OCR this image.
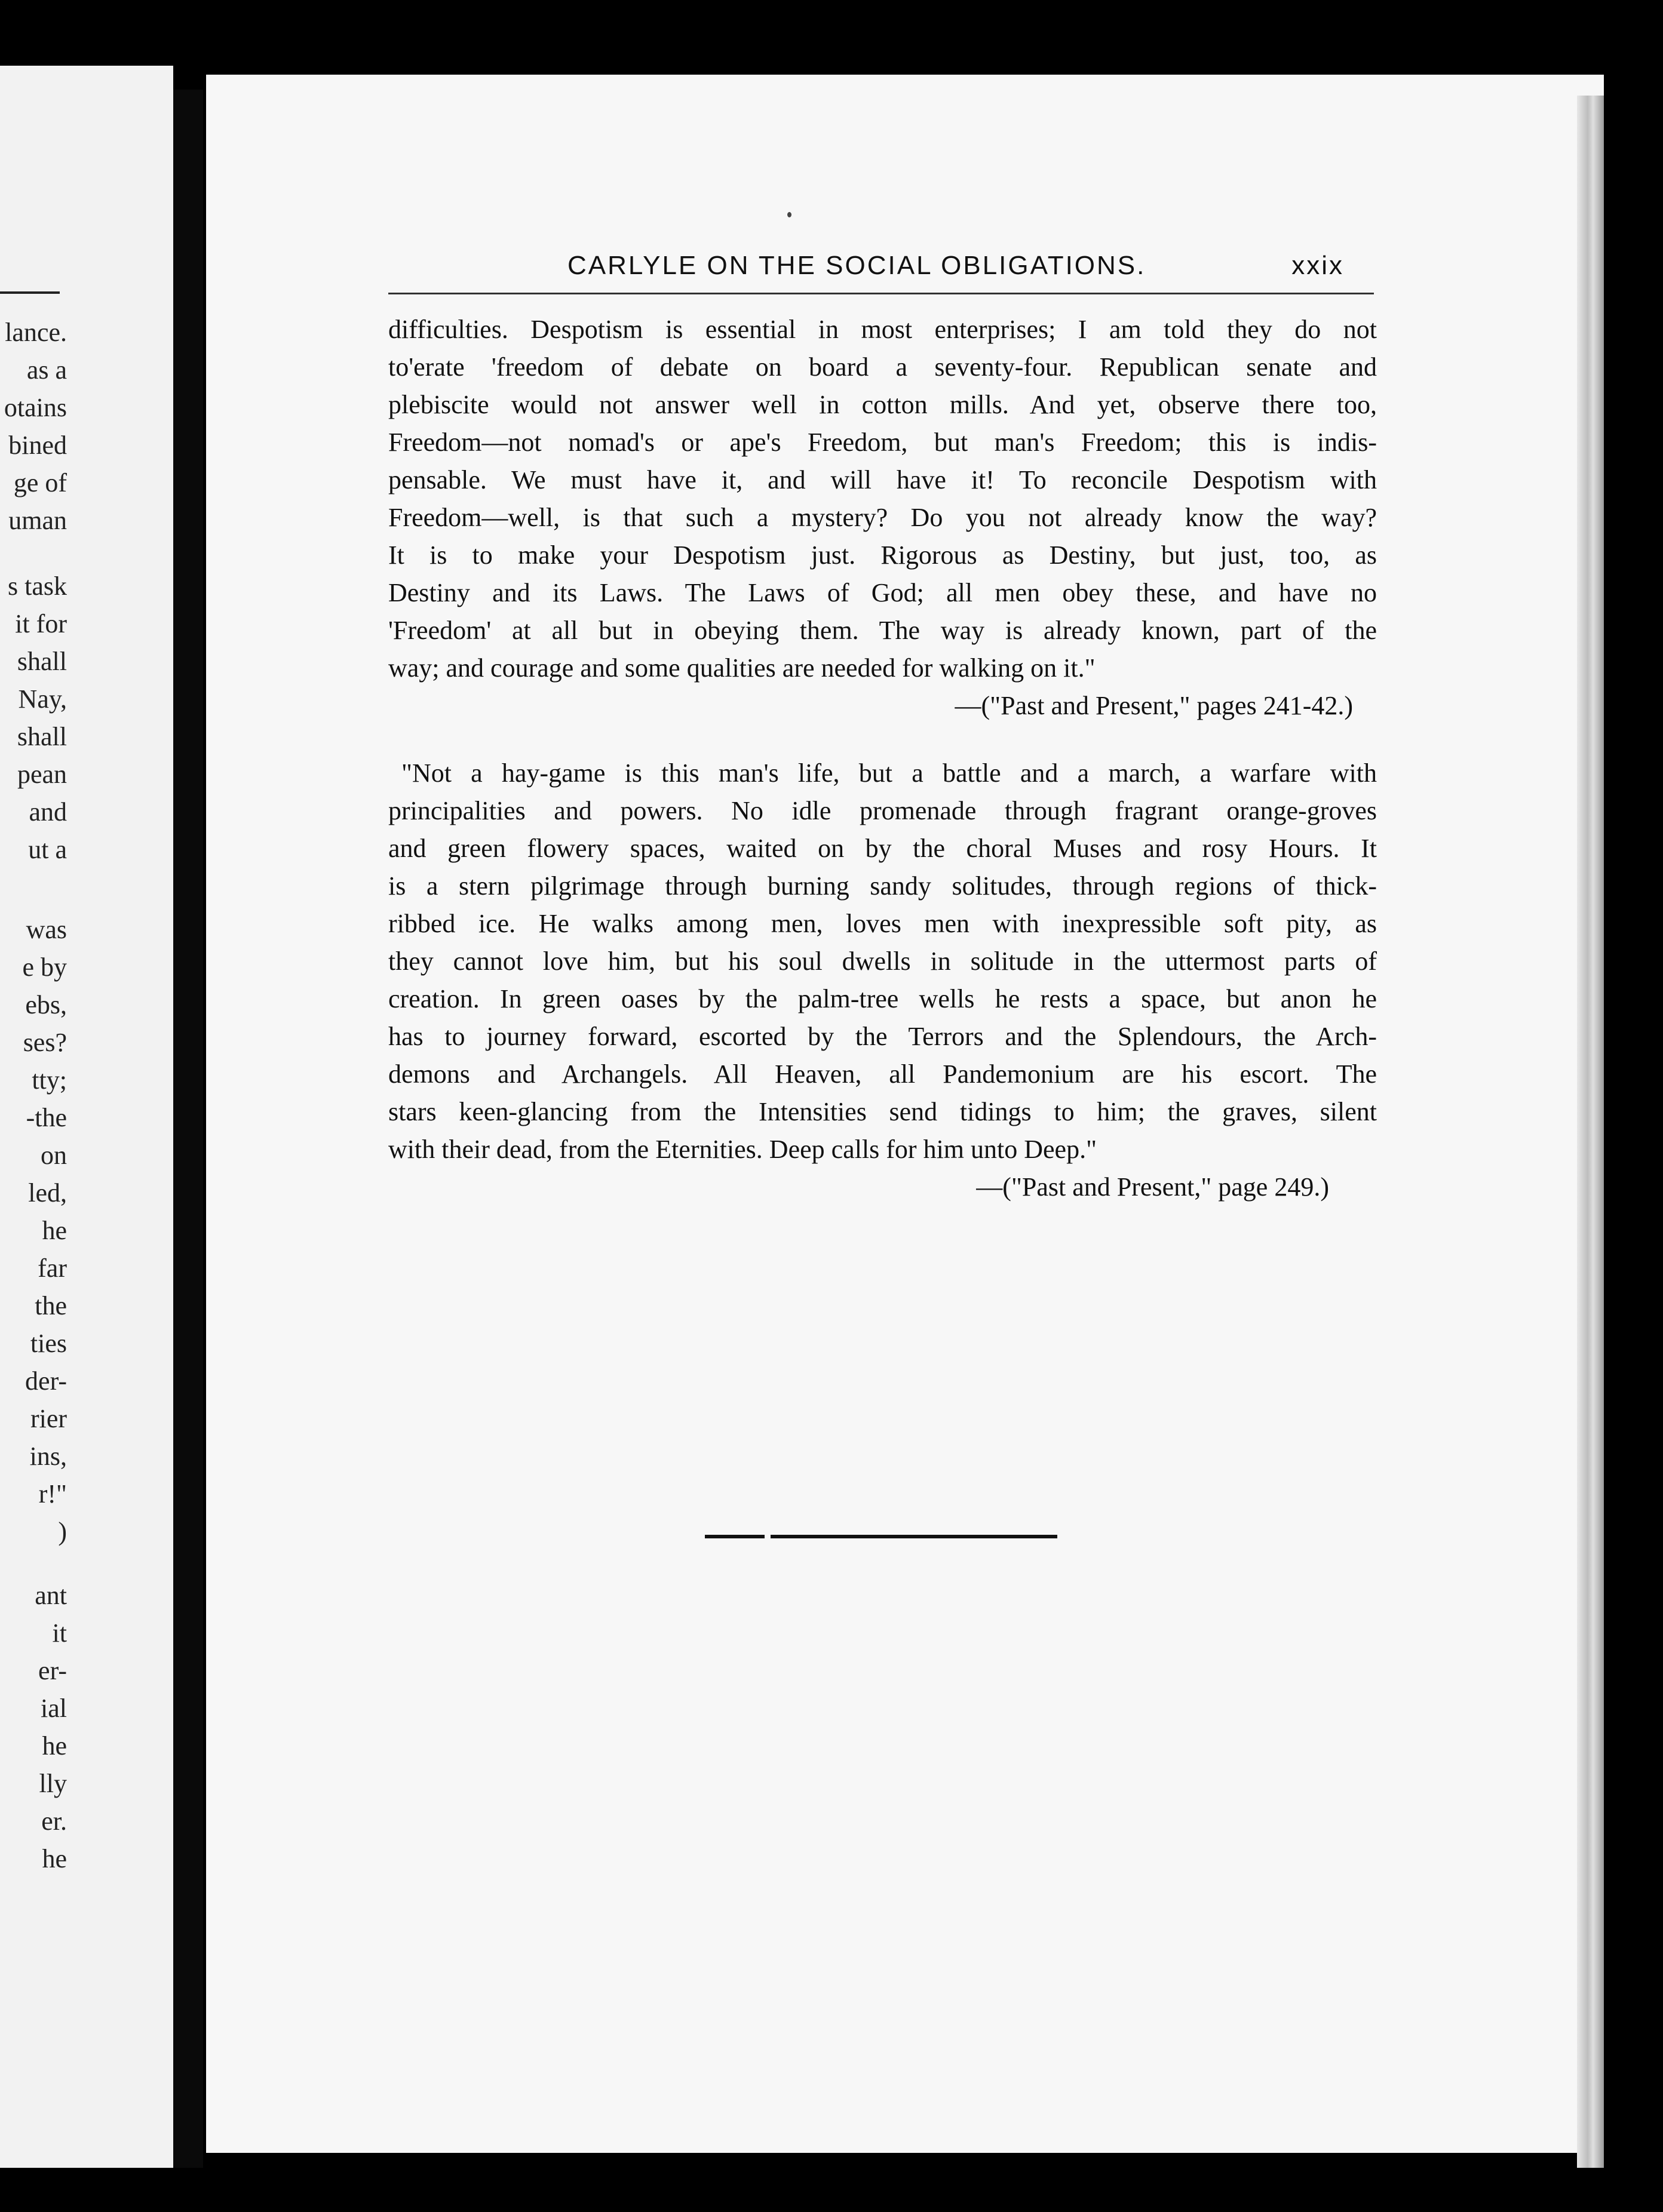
lance.
as a
otains
bined
ge of
uman
s task
it for
shall
Nay,
shall
pean
and
ut a
was
e by
ebs,
ses?
tty;
-the
on
led,
he
far
the
ties
der-
rier
ins,
r!"
)
ant
it
er-
ial
he
lly
er.
he
CARLYLE ON THE SOCIAL OBLIGATIONS.	xxix
difficulties. Despotism is essential in most enterprises; I am told they do not
to'erate 'freedom of debate on board a seventy-four. Republican senate and
plebiscite would not answer well in cotton mills. And yet, observe there too,
Freedom—not nomad's or ape's Freedom, but man's Freedom; this is indis-
pensable. We must have it, and will have it! To reconcile Despotism with
Freedom—well, is that such a mystery? Do you not already know the way?
It is to make your Despotism just. Rigorous as Destiny, but just, too, as
Destiny and its Laws. The Laws of God; all men obey these, and have no
'Freedom' at all but in obeying them. The way is already known, part of the
way; and courage and some qualities are needed for walking on it."
—("Past and Present," pages 241-42.)
"Not a hay-game is this man's life, but a battle and a march, a warfare with
principalities and powers. No idle promenade through fragrant orange-groves
and green flowery spaces, waited on by the choral Muses and rosy Hours. It
is a stern pilgrimage through burning sandy solitudes, through regions of thick-
ribbed ice. He walks among men, loves men with inexpressible soft pity, as
they cannot love him, but his soul dwells in solitude in the uttermost parts of
creation. In green oases by the palm-tree wells he rests a space, but anon he
has to journey forward, escorted by the Terrors and the Splendours, the Arch-
demons and Archangels. All Heaven, all Pandemonium are his escort. The
stars keen-glancing from the Intensities send tidings to him; the graves, silent
with their dead, from the Eternities. Deep calls for him unto Deep."
—("Past and Present," page 249.)
